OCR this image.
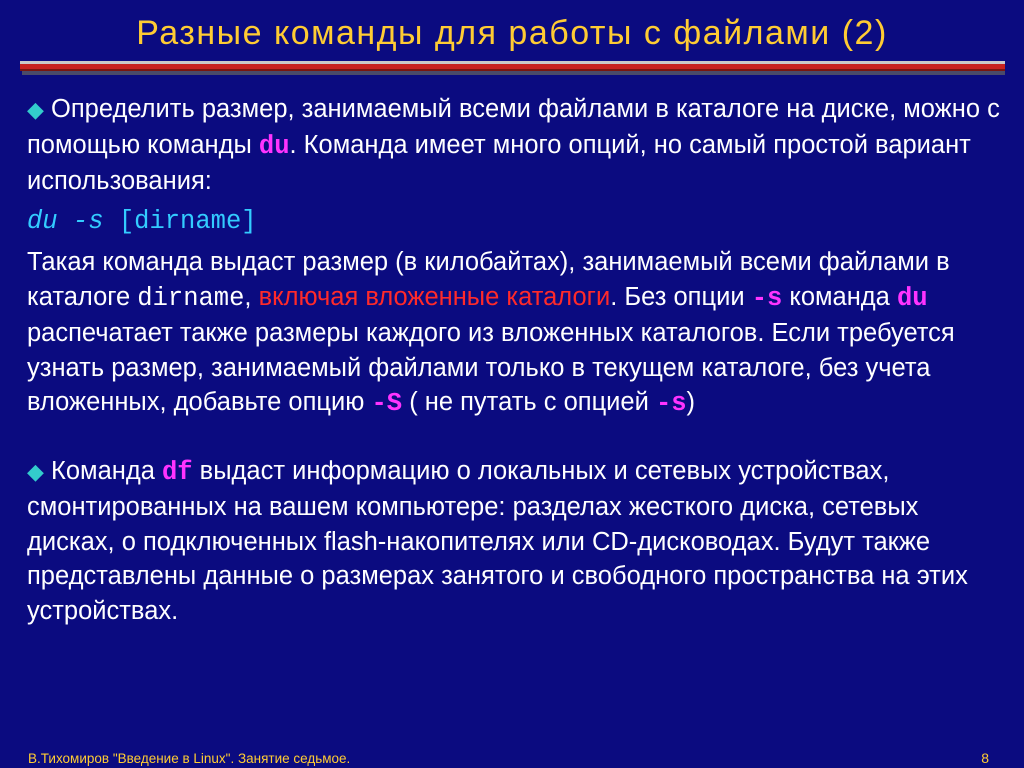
Разные команды для работы с файлами (2)

◆ Определить размер, занимаемый всеми файлами в каталоге на диске, можно с помощью команды du. Команда имеет много опций, но самый простой вариант использования:

du -s [dirname]

Такая команда выдаст размер (в килобайтах), занимаемый всеми файлами в каталоге dirname, включая вложенные каталоги. Без опции -s команда du распечатает также размеры каждого из вложенных каталогов. Если требуется узнать размер, занимаемый файлами только в текущем каталоге, без учета вложенных, добавьте опцию -S ( не путать с опцией -s)

◆ Команда df выдаст информацию о локальных и сетевых устройствах, смонтированных на вашем компьютере: разделах жесткого диска, сетевых дисках, о подключенных flash-накопителях или CD-дисководах. Будут также представлены данные о размерах занятого и свободного пространства на этих устройствах.

В.Тихомиров "Введение в Linux". Занятие седьмое.	8
